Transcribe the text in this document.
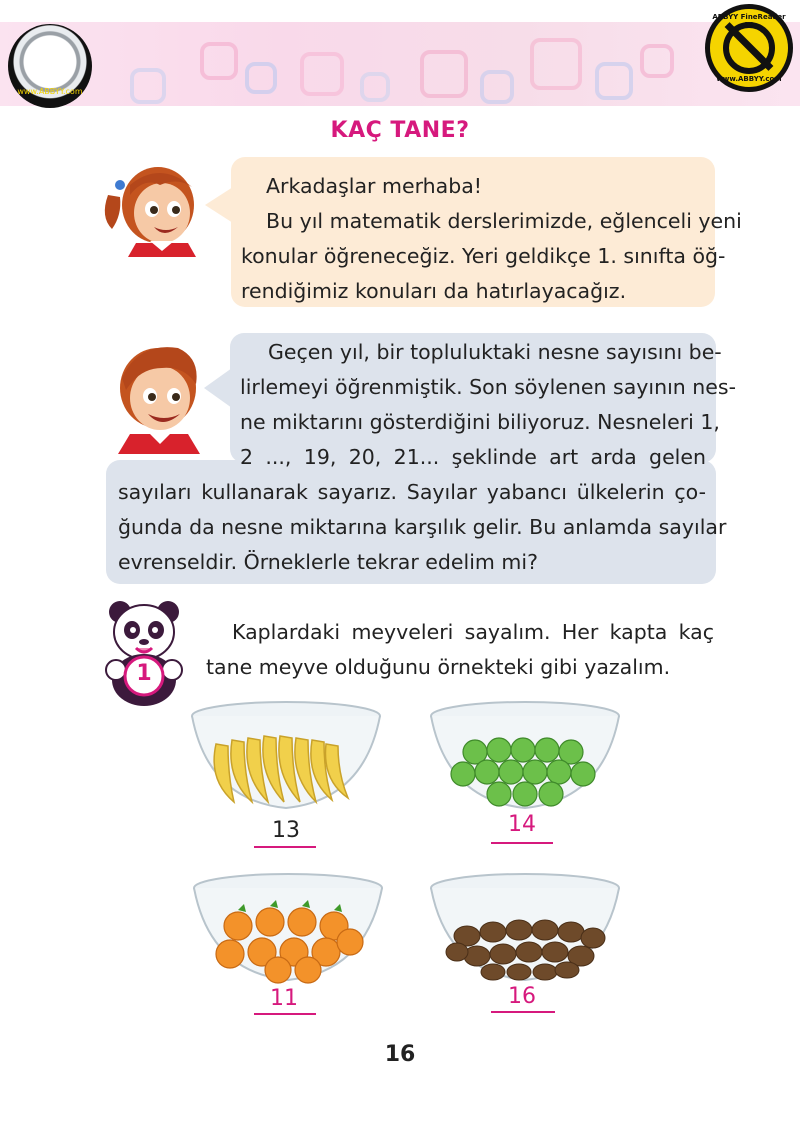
www.ABBYY.com
ABBYY FineReader 10
www.ABBYY.com
KAÇ TANE?
Arkadaşlar merhaba!
Bu yıl matematik derslerimizde, eğlenceli yeni
konular öğreneceğiz. Yeri geldikçe 1. sınıfta öğ-
rendiğimiz konuları da hatırlayacağız.
Geçen yıl, bir topluluktaki nesne sayısını be-
lirlemeyi öğrenmiştik. Son söylenen sayının nes-
ne miktarını gösterdiğini biliyoruz. Nesneleri 1,
2 ..., 19, 20, 21... şeklinde art arda gelen
sayıları kullanarak sayarız. Sayılar yabancı ülkelerin ço-
ğunda da nesne miktarına karşılık gelir. Bu anlamda sayılar
evrenseldir. Örneklerle tekrar edelim mi?
1
Kaplardaki meyveleri sayalım. Her kapta kaç
tane meyve olduğunu örnekteki gibi yazalım.
13	14
11	16
16
